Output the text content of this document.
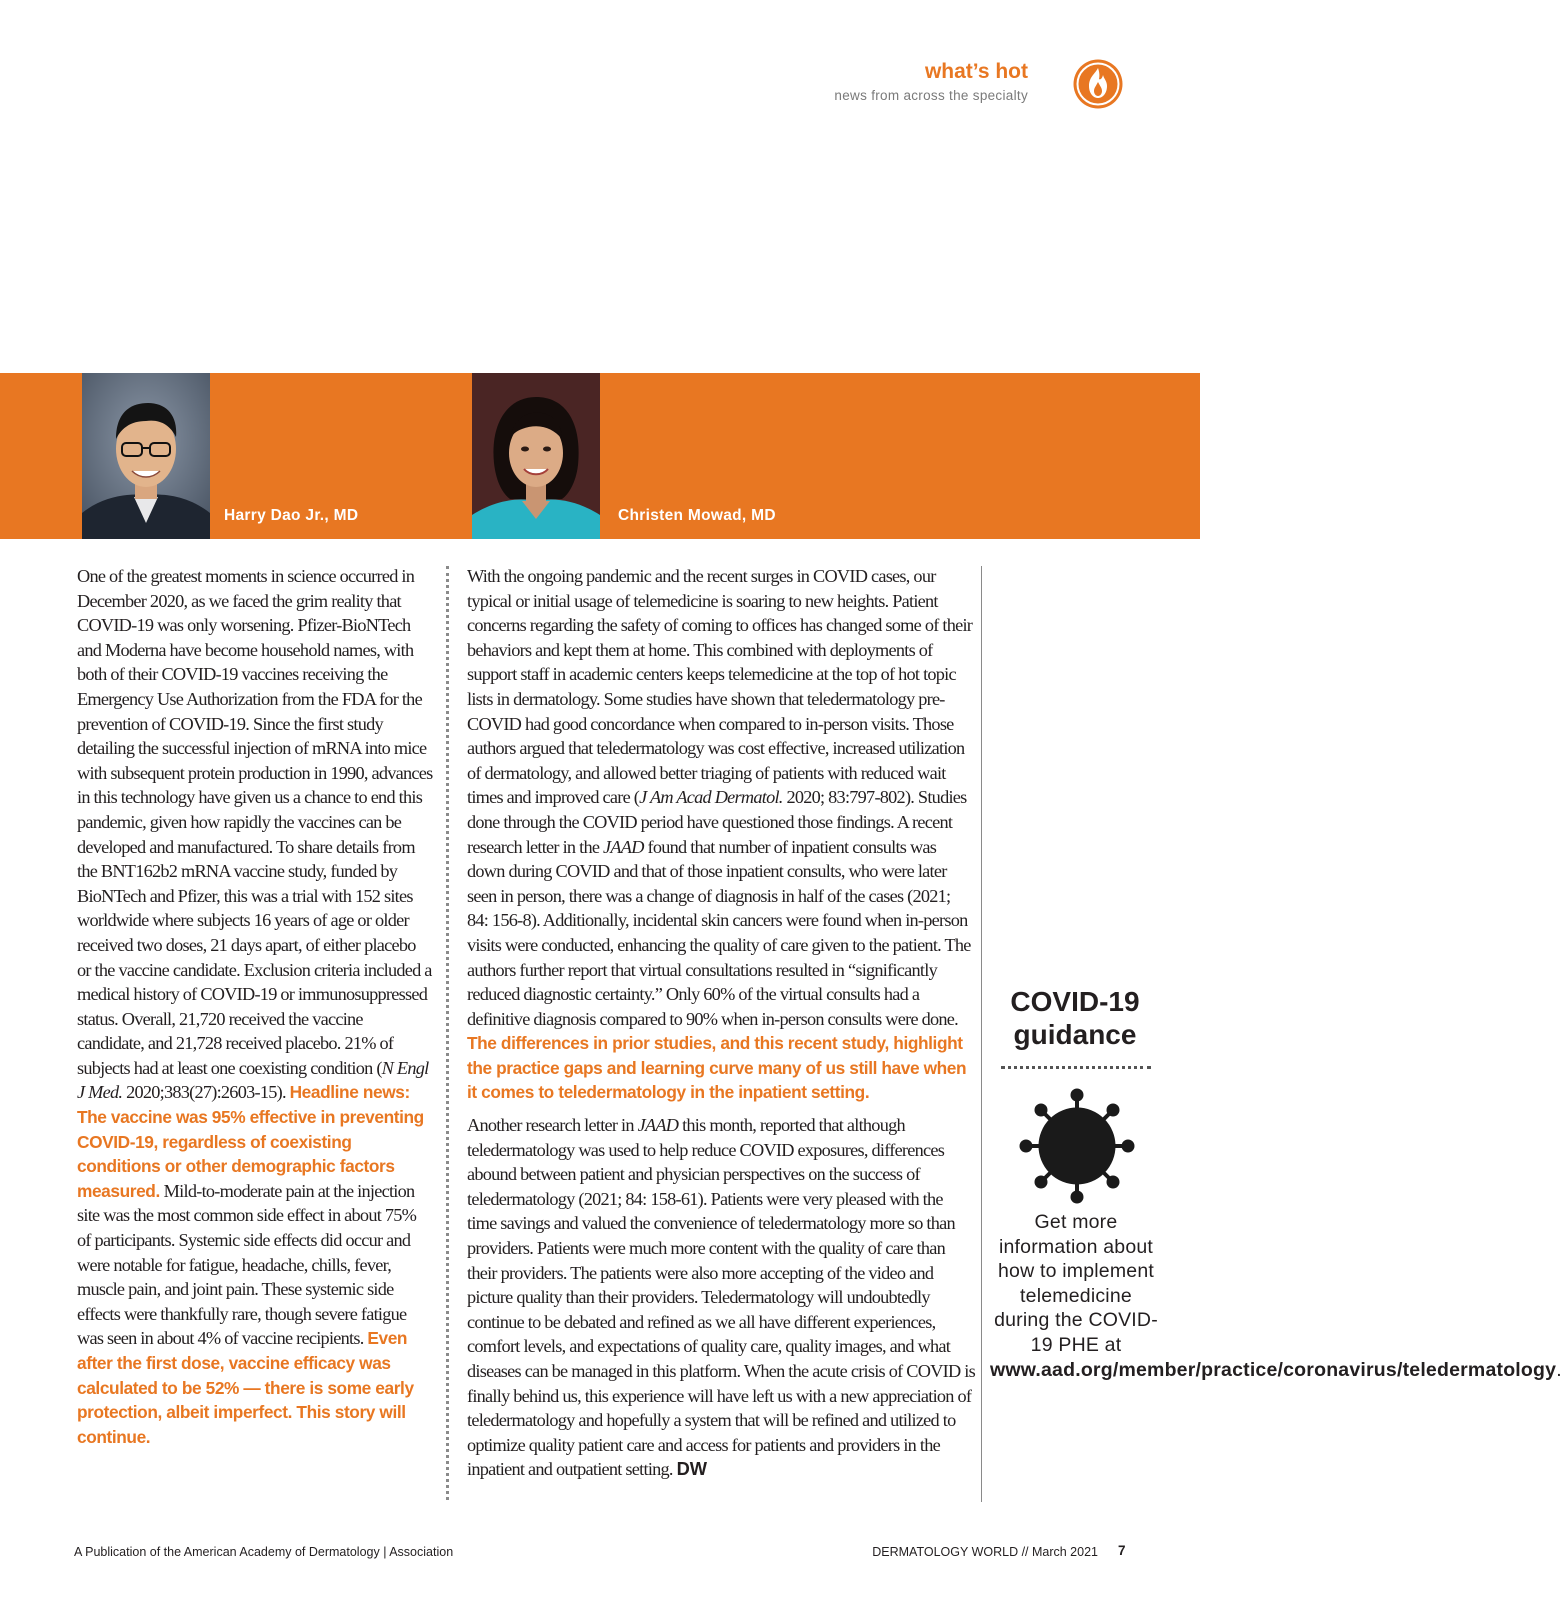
what’s hot
news from across the specialty
Harry Dao Jr., MD	Christen Mowad, MD

One of the greatest moments in science occurred in December 2020, as we faced the grim reality that COVID-19 was only worsening. Pfizer-BioNTech and Moderna have become household names, with both of their COVID-19 vaccines receiving the Emergency Use Authorization from the FDA for the prevention of COVID-19. Since the first study detailing the successful injection of mRNA into mice with subsequent protein production in 1990, advances in this technology have given us a chance to end this pandemic, given how rapidly the vaccines can be developed and manufactured. To share details from the BNT162b2 mRNA vaccine study, funded by BioNTech and Pfizer, this was a trial with 152 sites worldwide where subjects 16 years of age or older received two doses, 21 days apart, of either placebo or the vaccine candidate. Exclusion criteria included a medical history of COVID-19 or immunosuppressed status. Overall, 21,720 received the vaccine candidate, and 21,728 received placebo. 21% of subjects had at least one coexisting condition (N Engl J Med. 2020;383(27):2603-15). Headline news: The vaccine was 95% effective in preventing COVID-19, regardless of coexisting conditions or other demographic factors measured. Mild-to-moderate pain at the injection site was the most common side effect in about 75% of participants. Systemic side effects did occur and were notable for fatigue, headache, chills, fever, muscle pain, and joint pain. These systemic side effects were thankfully rare, though severe fatigue was seen in about 4% of vaccine recipients. Even after the first dose, vaccine efficacy was calculated to be 52% — there is some early protection, albeit imperfect. This story will continue.

With the ongoing pandemic and the recent surges in COVID cases, our typical or initial usage of telemedicine is soaring to new heights. Patient concerns regarding the safety of coming to offices has changed some of their behaviors and kept them at home. This combined with deployments of support staff in academic centers keeps telemedicine at the top of hot topic lists in dermatology. Some studies have shown that teledermatology pre-COVID had good concordance when compared to in-person visits. Those authors argued that teledermatology was cost effective, increased utilization of dermatology, and allowed better triaging of patients with reduced wait times and improved care (J Am Acad Dermatol. 2020; 83:797-802). Studies done through the COVID period have questioned those findings. A recent research letter in the JAAD found that number of inpatient consults was down during COVID and that of those inpatient consults, who were later seen in person, there was a change of diagnosis in half of the cases (2021; 84: 156-8). Additionally, incidental skin cancers were found when in-person visits were conducted, enhancing the quality of care given to the patient. The authors further report that virtual consultations resulted in “significantly reduced diagnostic certainty.” Only 60% of the virtual consults had a definitive diagnosis compared to 90% when in-person consults were done. The differences in prior studies, and this recent study, highlight the practice gaps and learning curve many of us still have when it comes to teledermatology in the inpatient setting.

Another research letter in JAAD this month, reported that although teledermatology was used to help reduce COVID exposures, differences abound between patient and physician perspectives on the success of teledermatology (2021; 84: 158-61). Patients were very pleased with the time savings and valued the convenience of teledermatology more so than providers. Patients were much more content with the quality of care than their providers. The patients were also more accepting of the video and picture quality than their providers. Teledermatology will undoubtedly continue to be debated and refined as we all have different experiences, comfort levels, and expectations of quality care, quality images, and what diseases can be managed in this platform. When the acute crisis of COVID is finally behind us, this experience will have left us with a new appreciation of teledermatology and hopefully a system that will be refined and utilized to optimize quality patient care and access for patients and providers in the inpatient and outpatient setting. DW

COVID-19 guidance
Get more information about how to implement telemedicine during the COVID-19 PHE at www.aad.org/member/practice/coronavirus/teledermatology.
A Publication of the American Academy of Dermatology | Association	DERMATOLOGY WORLD // March 2021 7
